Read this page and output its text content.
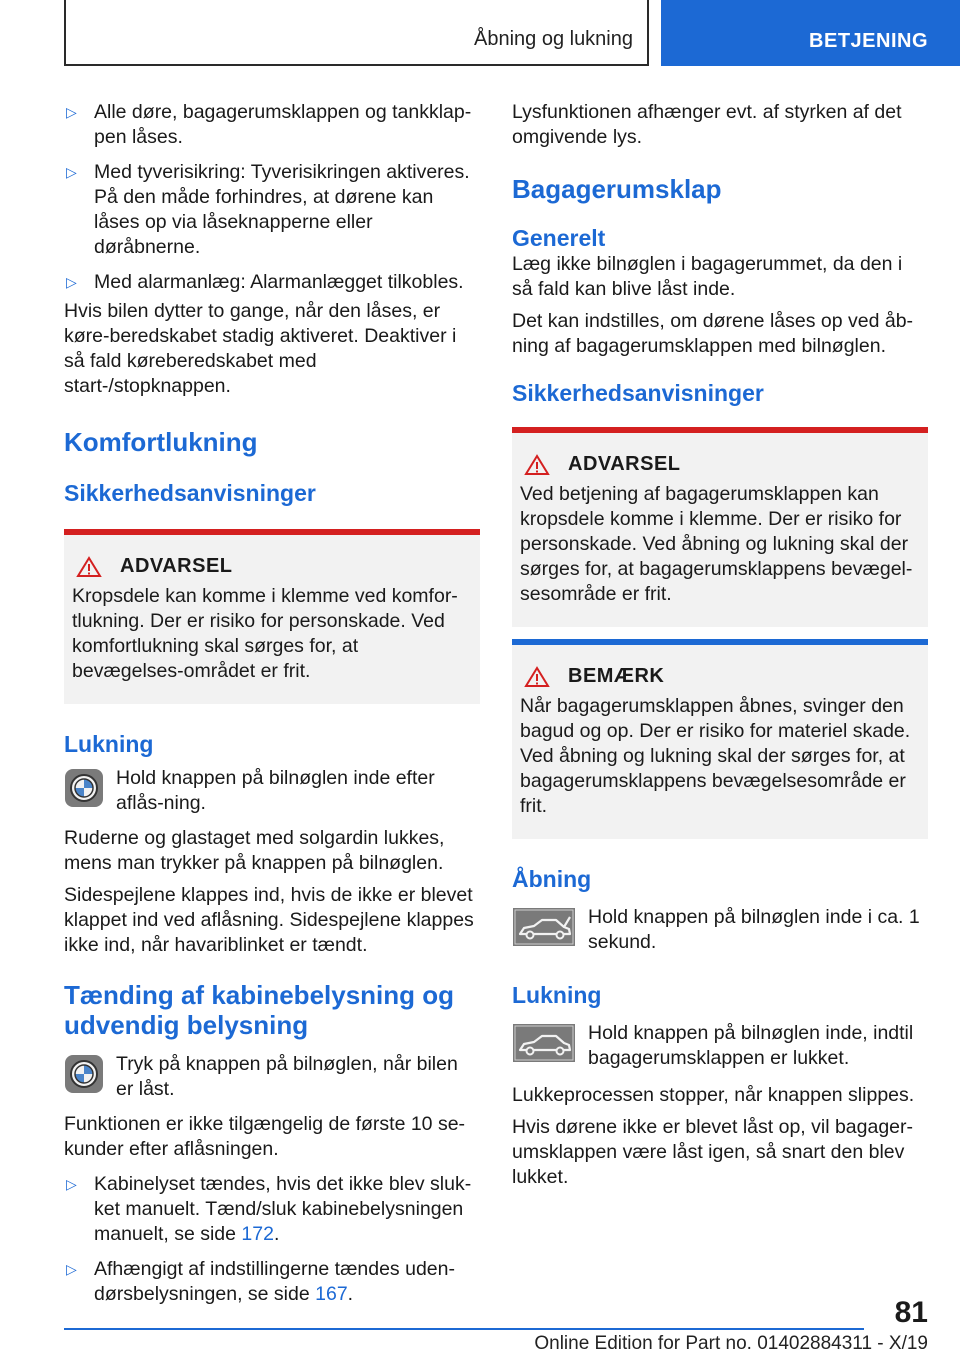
Åbning og lukning	BETJENING
▷ Alle døre, bagagerumsklappen og tankklap-pen låses.
▷ Med tyverisikring: Tyverisikringen aktiveres. På den måde forhindres, at dørene kan låses op via låseknapperne eller døråbnerne.
▷ Med alarmanlæg: Alarmanlægget tilkobles.

Hvis bilen dytter to gange, når den låses, er køre-beredskabet stadig aktiveret. Deaktiver i så fald køreberedskabet med start-/stopknappen.

Komfortlukning
Sikkerhedsanvisninger
ADVARSEL
Kropsdele kan komme i klemme ved komfor-tlukning. Der er risiko for personskade. Ved komfortlukning skal sørges for, at bevægelses-området er frit.
Lukning
Hold knappen på bilnøglen inde efter aflås-ning.

Ruderne og glastaget med solgardin lukkes, mens man trykker på knappen på bilnøglen.

Sidespejlene klappes ind, hvis de ikke er blevet klappet ind ved aflåsning. Sidespejlene klappes ikke ind, når havariblinket er tændt.

Tænding af kabinebelysning og udvendig belysning
Tryk på knappen på bilnøglen, når bilen er låst.

Funktionen er ikke tilgængelig de første 10 se-kunder efter aflåsningen.

▷ Kabinelyset tændes, hvis det ikke blev sluk-ket manuelt. Tænd/sluk kabinebelysningen manuelt, se side 172.
▷ Afhængigt af indstillingerne tændes uden-dørsbelysningen, se side 167.

Lysfunktionen afhænger evt. af styrken af det omgivende lys.

Bagagerumsklap
Generelt

Læg ikke bilnøglen i bagagerummet, da den i så fald kan blive låst inde.

Det kan indstilles, om dørene låses op ved åb-ning af bagagerumsklappen med bilnøglen.

Sikkerhedsanvisninger
ADVARSEL
Ved betjening af bagagerumsklappen kan kropsdele komme i klemme. Der er risiko for personskade. Ved åbning og lukning skal der sørges for, at bagagerumsklappens bevægel-sesområde er frit.
BEMÆRK
Når bagagerumsklappen åbnes, svinger den bagud og op. Der er risiko for materiel skade. Ved åbning og lukning skal der sørges for, at bagagerumsklappens bevægelsesområde er frit.
Åbning
Hold knappen på bilnøglen inde i ca. 1 sekund.
Lukning
Hold knappen på bilnøglen inde, indtil bagagerumsklappen er lukket.

Lukkeprocessen stopper, når knappen slippes.

Hvis dørene ikke er blevet låst op, vil bagager-umsklappen være låst igen, så snart den blev lukket.

81
Online Edition for Part no. 01402884311 - X/19
